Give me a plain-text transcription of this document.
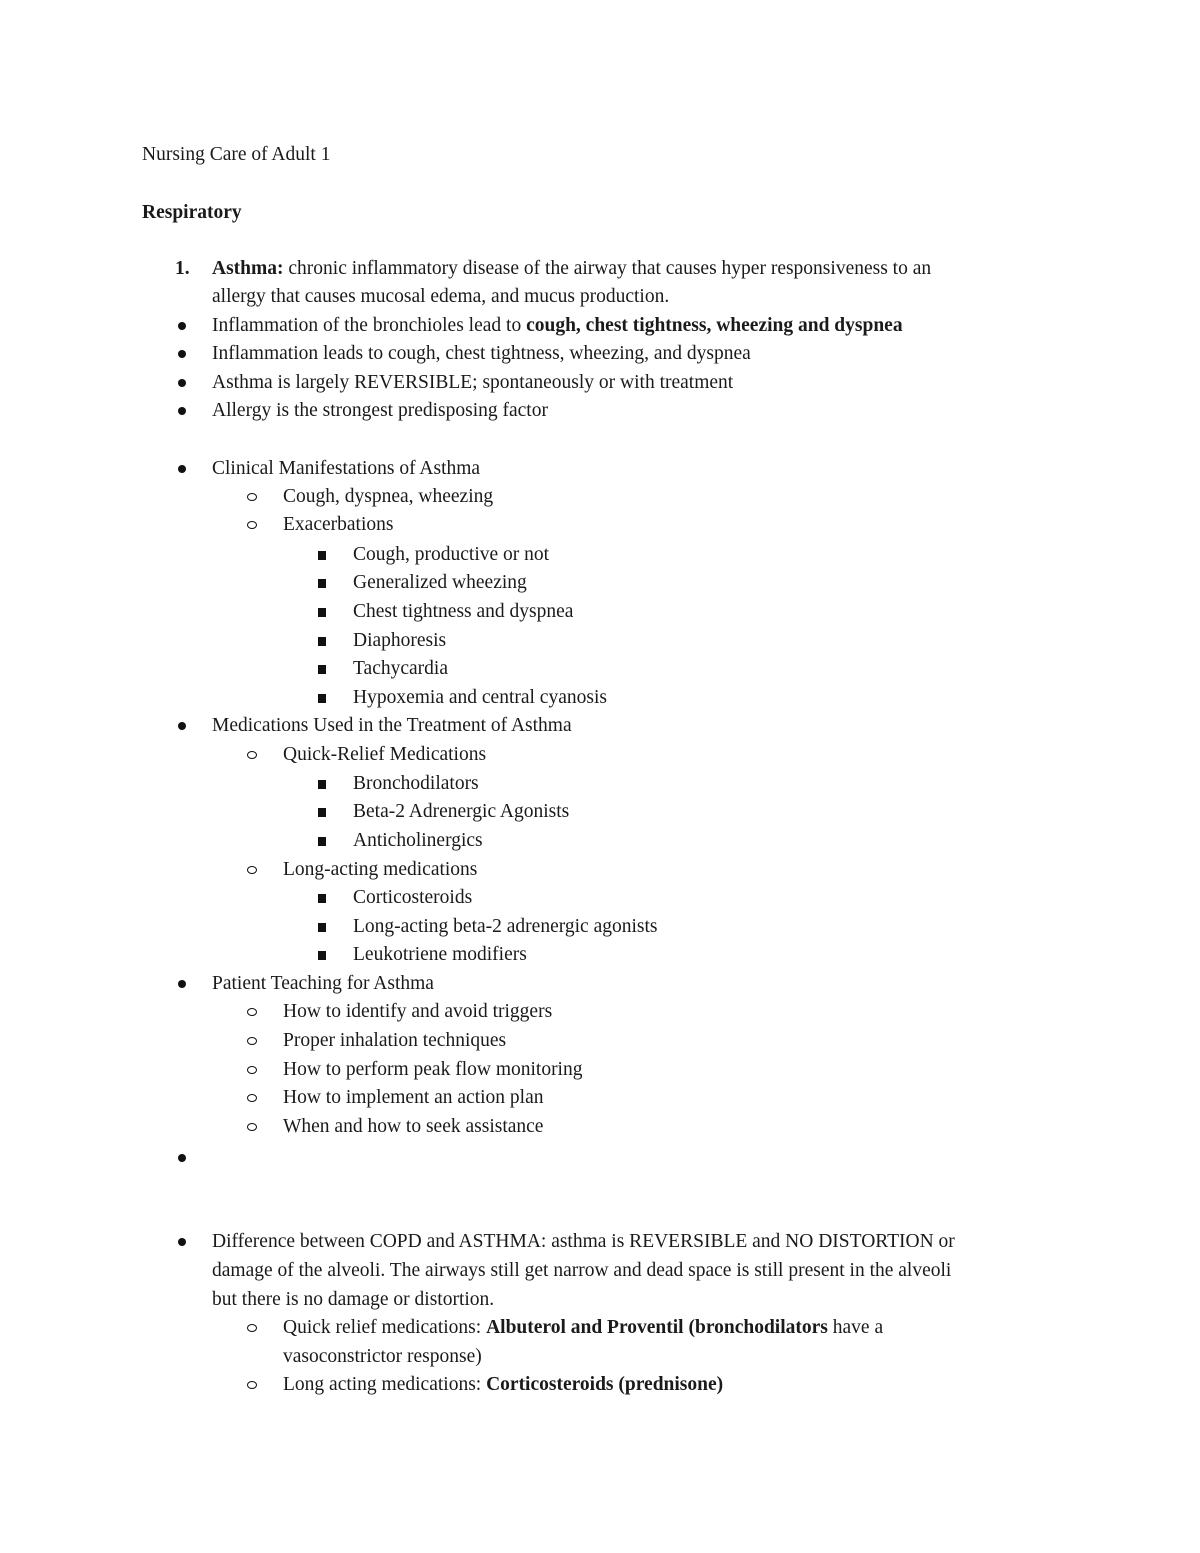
Nursing Care of Adult 1
Respiratory
1. Asthma: chronic inflammatory disease of the airway that causes hyper responsiveness to an
allergy that causes mucosal edema, and mucus production.
Inflammation of the bronchioles lead to cough, chest tightness, wheezing and dyspnea
Inflammation leads to cough, chest tightness, wheezing, and dyspnea
Asthma is largely REVERSIBLE; spontaneously or with treatment
Allergy is the strongest predisposing factor
Clinical Manifestations of Asthma
Cough, dyspnea, wheezing
Exacerbations
Cough, productive or not
Generalized wheezing
Chest tightness and dyspnea
Diaphoresis
Tachycardia
Hypoxemia and central cyanosis
Medications Used in the Treatment of Asthma
Quick-Relief Medications
Bronchodilators
Beta-2 Adrenergic Agonists
Anticholinergics
Long-acting medications
Corticosteroids
Long-acting beta-2 adrenergic agonists
Leukotriene modifiers
Patient Teaching for Asthma
How to identify and avoid triggers
Proper inhalation techniques
How to perform peak flow monitoring
How to implement an action plan
When and how to seek assistance
Difference between COPD and ASTHMA: asthma is REVERSIBLE and NO DISTORTION or
damage of the alveoli. The airways still get narrow and dead space is still present in the alveoli
but there is no damage or distortion.
Quick relief medications: Albuterol and Proventil (bronchodilators have a
vasoconstrictor response)
Long acting medications: Corticosteroids (prednisone)
